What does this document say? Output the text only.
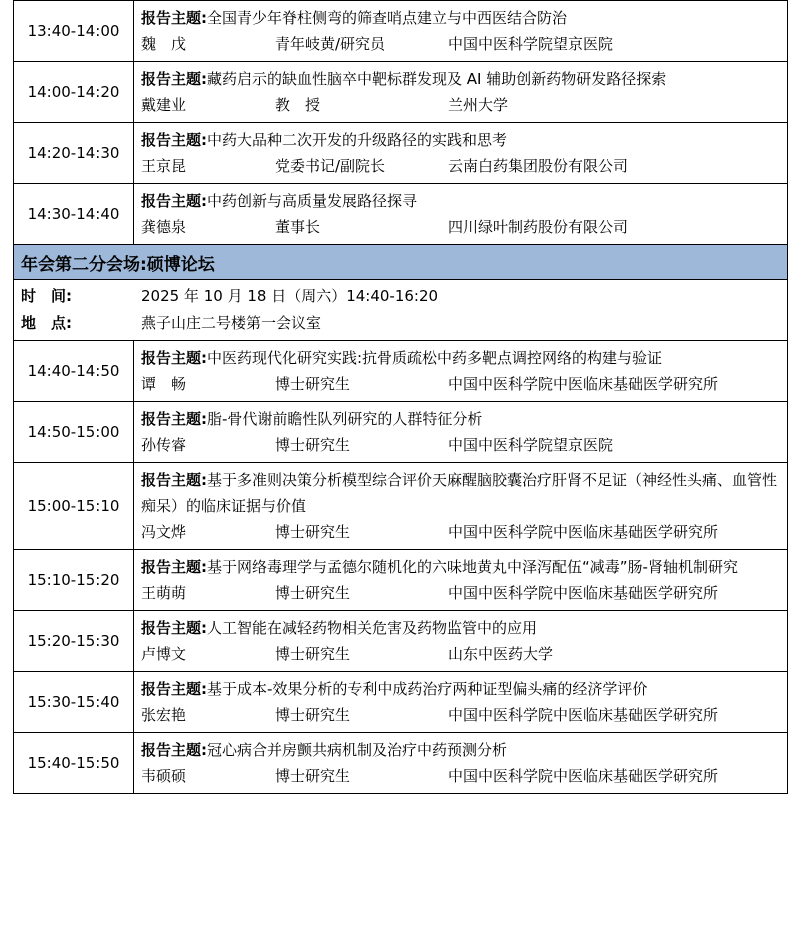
13:40-14:00	报告主题:全国青少年脊柱侧弯的筛查哨点建立与中西医结合防治
魏　戊 青年岐黄/研究员 中国中医科学院望京医院

14:00-14:20	报告主题:藏药启示的缺血性脑卒中靶标群发现及 AI 辅助创新药物研发路径探索
戴建业 教　授 兰州大学

14:20-14:30	报告主题:中药大品种二次开发的升级路径的实践和思考
王京昆 党委书记/副院长 云南白药集团股份有限公司

14:30-14:40	报告主题:中药创新与高质量发展路径探寻
龚德泉 董事长 四川绿叶制药股份有限公司

年会第二分会场:硕博论坛	

时　间: 2025 年 10 月 18 日（周六）14:40-16:20
地　点: 燕子山庄二号楼第一会议室	

14:40-14:50	报告主题:中医药现代化研究实践:抗骨质疏松中药多靶点调控网络的构建与验证
谭　畅 博士研究生 中国中医科学院中医临床基础医学研究所

14:50-15:00	报告主题:脂-骨代谢前瞻性队列研究的人群特征分析
孙传睿 博士研究生 中国中医科学院望京医院

15:00-15:10	报告主题:基于多准则决策分析模型综合评价天麻醒脑胶囊治疗肝肾不足证（神经性头痛、血管性痴呆）的临床证据与价值
冯文烨 博士研究生 中国中医科学院中医临床基础医学研究所

15:10-15:20	报告主题:基于网络毒理学与孟德尔随机化的六味地黄丸中泽泻配伍“减毒”肠-肾轴机制研究
王萌萌 博士研究生 中国中医科学院中医临床基础医学研究所

15:20-15:30	报告主题:人工智能在减轻药物相关危害及药物监管中的应用
卢博文 博士研究生 山东中医药大学

15:30-15:40	报告主题:基于成本-效果分析的专利中成药治疗两种证型偏头痛的经济学评价
张宏艳 博士研究生 中国中医科学院中医临床基础医学研究所

15:40-15:50	报告主题:冠心病合并房颤共病机制及治疗中药预测分析
韦硕硕 博士研究生 中国中医科学院中医临床基础医学研究所
